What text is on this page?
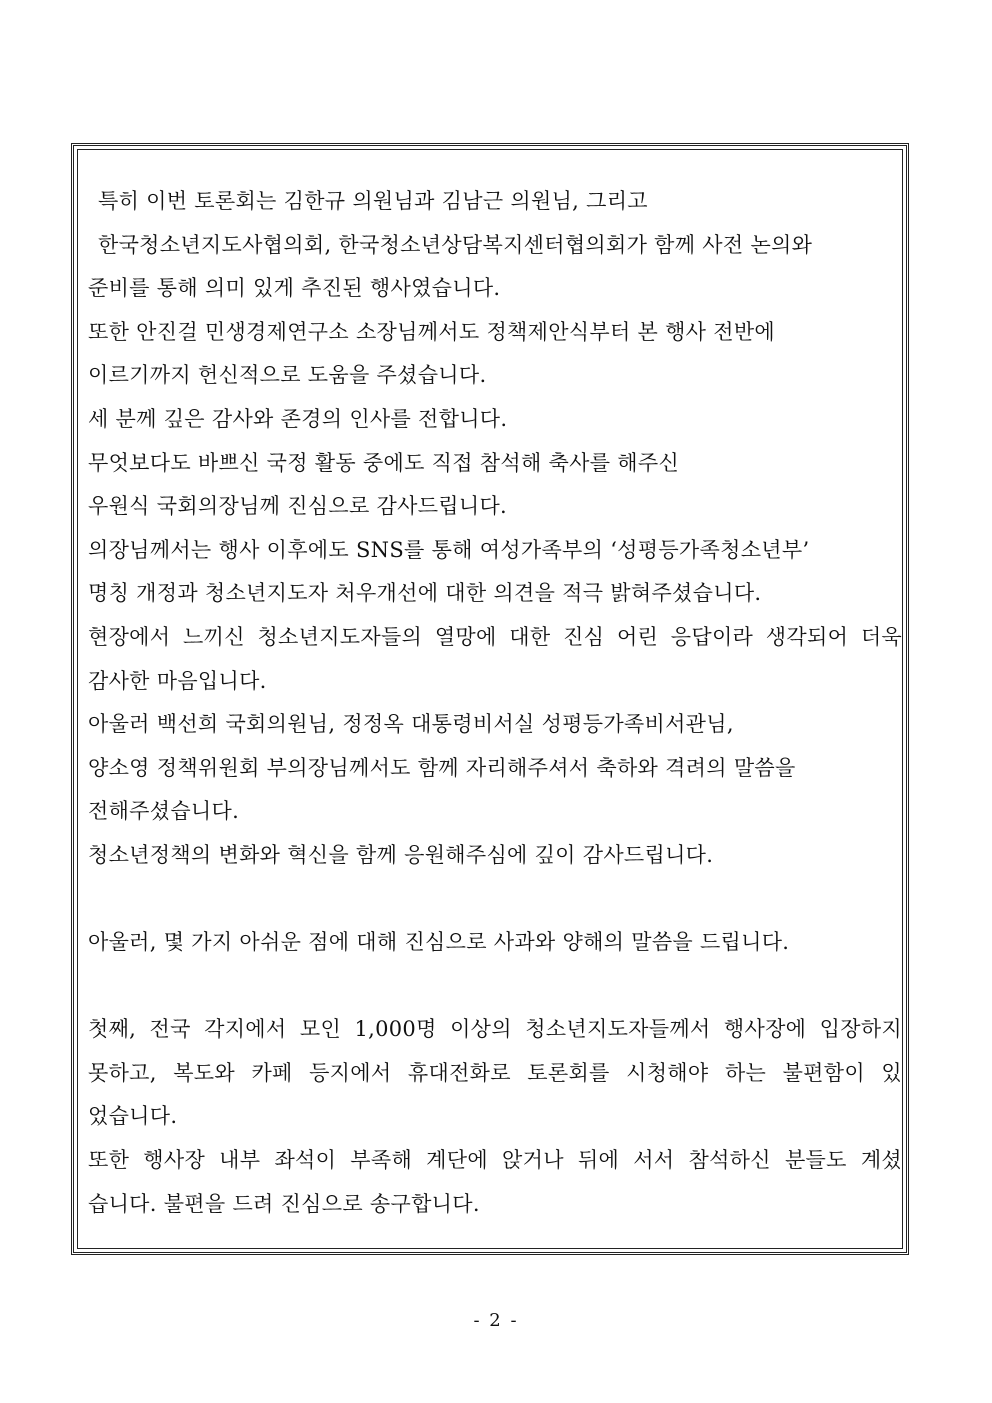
특히 이번 토론회는 김한규 의원님과 김남근 의원님, 그리고
한국청소년지도사협의회, 한국청소년상담복지센터협의회가 함께 사전 논의와
준비를 통해 의미 있게 추진된 행사였습니다.
또한 안진걸 민생경제연구소 소장님께서도 정책제안식부터 본 행사 전반에
이르기까지 헌신적으로 도움을 주셨습니다.
세 분께 깊은 감사와 존경의 인사를 전합니다.
무엇보다도 바쁘신 국정 활동 중에도 직접 참석해 축사를 해주신
우원식 국회의장님께 진심으로 감사드립니다.
의장님께서는 행사 이후에도 SNS를 통해 여성가족부의 ‘성평등가족청소년부’
명칭 개정과 청소년지도자 처우개선에 대한 의견을 적극 밝혀주셨습니다.
현장에서 느끼신 청소년지도자들의 열망에 대한 진심 어린 응답이라 생각되어 더욱
감사한 마음입니다.
아울러 백선희 국회의원님, 정정옥 대통령비서실 성평등가족비서관님,
양소영 정책위원회 부의장님께서도 함께 자리해주셔서 축하와 격려의 말씀을
전해주셨습니다.
청소년정책의 변화와 혁신을 함께 응원해주심에 깊이 감사드립니다.
아울러, 몇 가지 아쉬운 점에 대해 진심으로 사과와 양해의 말씀을 드립니다.
첫째, 전국 각지에서 모인 1,000명 이상의 청소년지도자들께서 행사장에 입장하지
못하고, 복도와 카페 등지에서 휴대전화로 토론회를 시청해야 하는 불편함이 있
었습니다.
또한 행사장 내부 좌석이 부족해 계단에 앉거나 뒤에 서서 참석하신 분들도 계셨
습니다. 불편을 드려 진심으로 송구합니다.
- 2 -
